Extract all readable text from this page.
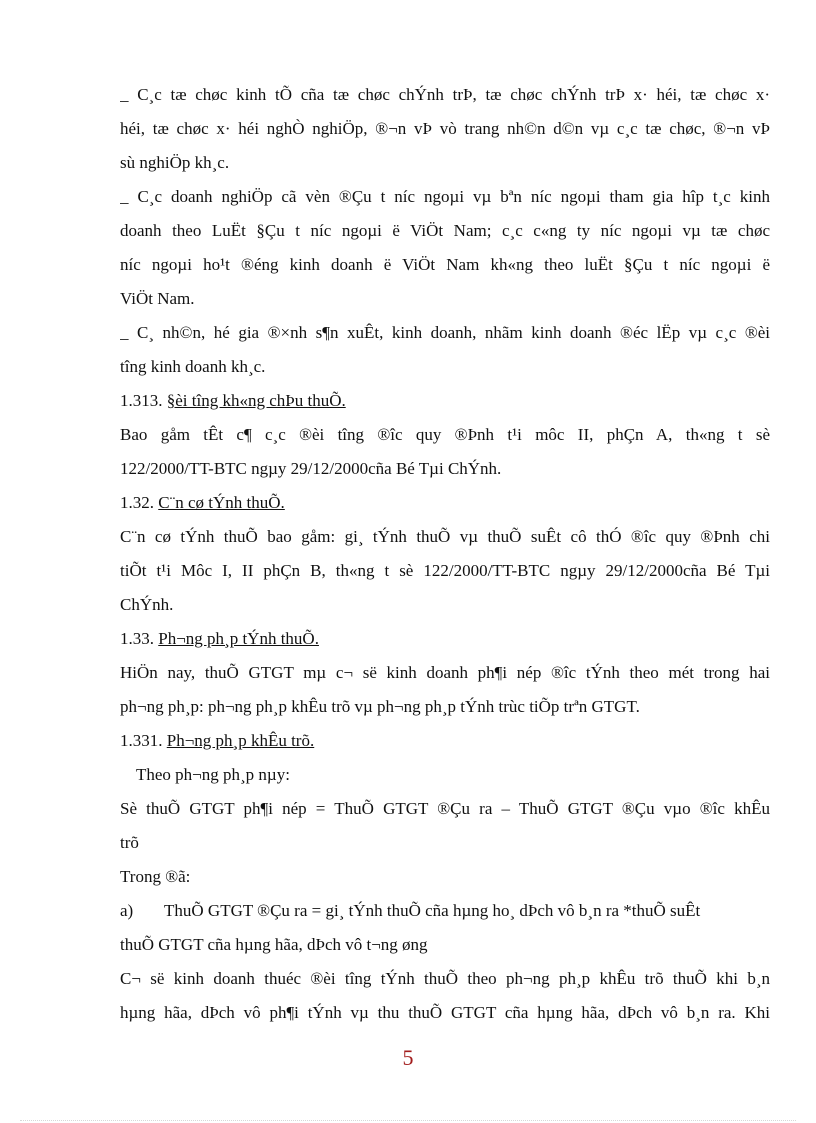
_ C¸c tæ chøc kinh tÕ cña tæ chøc chÝnh trÞ, tæ chøc chÝnh trÞ x· héi, tæ chøc x·
héi, tæ chøc x· héi nghÒ nghiÖp, ®¬n vÞ vò trang nh©n d©n vµ c¸c tæ chøc, ®¬n vÞ
sù nghiÖp kh¸c.
_ C¸c doanh nghiÖp cã vèn ®Çu t níc ngoµi vµ bªn níc ngoµi tham gia hîp t¸c kinh
doanh theo LuËt §Çu t níc ngoµi ë ViÖt Nam; c¸c c«ng ty níc ngoµi vµ tæ chøc
níc ngoµi ho¹t ®éng kinh doanh ë ViÖt Nam kh«ng theo luËt §Çu t níc ngoµi ë
ViÖt Nam.
_ C¸ nh©n, hé gia ®×nh s¶n xuÊt, kinh doanh, nhãm kinh doanh ®éc lËp vµ c¸c ®èi
tîng kinh doanh kh¸c.
1.313. §èi tîng kh«ng chÞu thuÕ.
Bao gåm tÊt c¶ c¸c ®èi tîng ®îc quy ®Þnh t¹i môc II, phÇn A, th«ng t sè
122/2000/TT-BTC ngµy 29/12/2000cña Bé Tµi ChÝnh.
1.32. C¨n cø tÝnh thuÕ.
C¨n cø tÝnh thuÕ bao gåm: gi¸ tÝnh thuÕ vµ thuÕ suÊt cô thÓ ®îc quy ®Þnh chi
tiÕt t¹i Môc I, II phÇn B, th«ng t sè 122/2000/TT-BTC ngµy 29/12/2000cña Bé Tµi
ChÝnh.
1.33. Ph¬ng ph¸p tÝnh thuÕ.
HiÖn nay, thuÕ GTGT mµ c¬ së kinh doanh ph¶i nép ®îc tÝnh theo mét trong hai
ph¬ng ph¸p: ph¬ng ph¸p khÊu trõ vµ ph¬ng ph¸p tÝnh trùc tiÕp trªn GTGT.
1.331. Ph¬ng ph¸p khÊu trõ.
Theo ph¬ng ph¸p nµy:
Sè thuÕ GTGT ph¶i nép = ThuÕ GTGT ®Çu ra – ThuÕ GTGT ®Çu vµo ®îc khÊu
trõ
Trong ®ã:
a) ThuÕ GTGT ®Çu ra = gi¸ tÝnh thuÕ cña hµng ho¸ dÞch vô b¸n ra *thuÕ suÊt
thuÕ GTGT cña hµng hãa, dÞch vô t¬ng øng
C¬ së kinh doanh thuéc ®èi tîng tÝnh thuÕ theo ph¬ng ph¸p khÊu trõ thuÕ khi b¸n
hµng hãa, dÞch vô ph¶i tÝnh vµ thu thuÕ GTGT cña hµng hãa, dÞch vô b¸n ra. Khi
5
